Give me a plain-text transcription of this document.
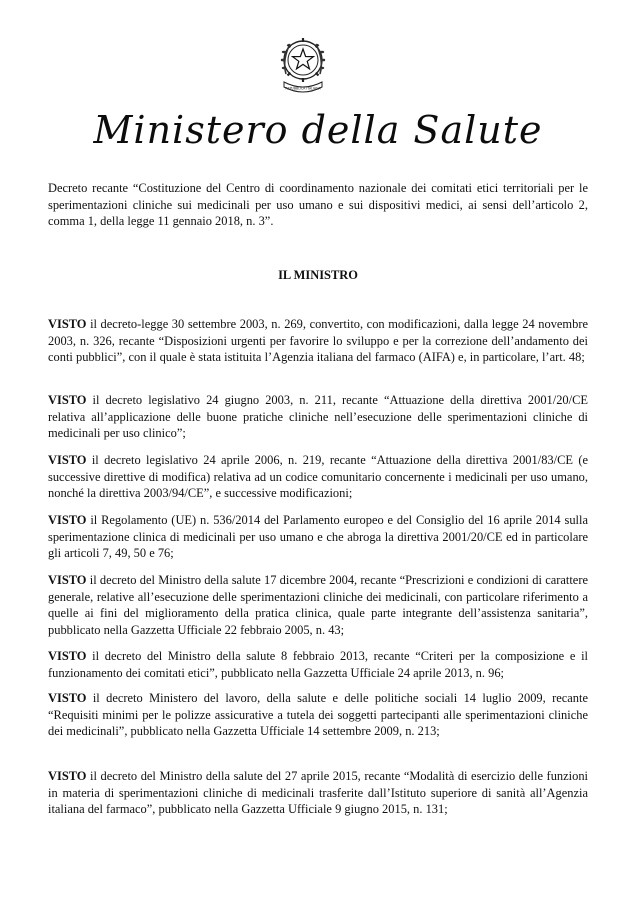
REPUBBLICA ITALIANA
Ministero della Salute
Decreto recante “Costituzione del Centro di coordinamento nazionale dei comitati etici territoriali per le sperimentazioni cliniche sui medicinali per uso umano e sui dispositivi medici, ai sensi dell’articolo 2, comma 1, della legge 11 gennaio 2018, n. 3”.
IL MINISTRO
VISTO il decreto-legge 30 settembre 2003, n. 269, convertito, con modificazioni, dalla legge 24 novembre 2003, n. 326, recante “Disposizioni urgenti per favorire lo sviluppo e per la correzione dell’andamento dei conti pubblici”, con il quale è stata istituita l’Agenzia italiana del farmaco (AIFA) e, in particolare, l’art. 48;
VISTO il decreto legislativo 24 giugno 2003, n. 211, recante “Attuazione della direttiva 2001/20/CE relativa all’applicazione delle buone pratiche cliniche nell’esecuzione delle sperimentazioni cliniche di medicinali per uso clinico”;
VISTO il decreto legislativo 24 aprile 2006, n. 219, recante “Attuazione della direttiva 2001/83/CE (e successive direttive di modifica) relativa ad un codice comunitario concernente i medicinali per uso umano, nonché la direttiva 2003/94/CE”, e successive modificazioni;
VISTO il Regolamento (UE) n. 536/2014 del Parlamento europeo e del Consiglio del 16 aprile 2014 sulla sperimentazione clinica di medicinali per uso umano e che abroga la direttiva 2001/20/CE ed in particolare gli articoli 7, 49, 50 e 76;
VISTO il decreto del Ministro della salute 17 dicembre 2004, recante “Prescrizioni e condizioni di carattere generale, relative all’esecuzione delle sperimentazioni cliniche dei medicinali, con particolare riferimento a quelle ai fini del miglioramento della pratica clinica, quale parte integrante dell’assistenza sanitaria”, pubblicato nella Gazzetta Ufficiale 22 febbraio 2005, n. 43;
VISTO il decreto del Ministro della salute 8 febbraio 2013, recante “Criteri per la composizione e il funzionamento dei comitati etici”, pubblicato nella Gazzetta Ufficiale 24 aprile 2013, n. 96;
VISTO il decreto Ministero del lavoro, della salute e delle politiche sociali 14 luglio 2009, recante “Requisiti minimi per le polizze assicurative a tutela dei soggetti partecipanti alle sperimentazioni cliniche dei medicinali”, pubblicato nella Gazzetta Ufficiale 14 settembre 2009, n. 213;
VISTO il decreto del Ministro della salute del 27 aprile 2015, recante “Modalità di esercizio delle funzioni in materia di sperimentazioni cliniche di medicinali trasferite dall’Istituto superiore di sanità all’Agenzia italiana del farmaco”, pubblicato nella Gazzetta Ufficiale 9 giugno 2015, n. 131;
